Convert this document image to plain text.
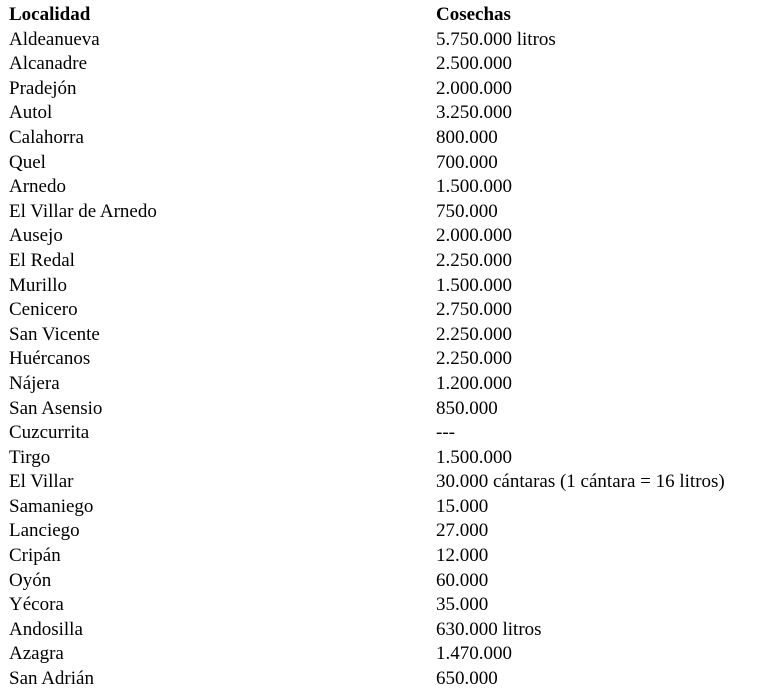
Localidad	Cosechas
Aldeanueva	5.750.000 litros
Alcanadre	2.500.000
Pradejón	2.000.000
Autol	3.250.000
Calahorra	800.000
Quel	700.000
Arnedo	1.500.000
El Villar de Arnedo	750.000
Ausejo	2.000.000
El Redal	2.250.000
Murillo	1.500.000
Cenicero	2.750.000
San Vicente	2.250.000
Huércanos	2.250.000
Nájera	1.200.000
San Asensio	850.000
Cuzcurrita	---
Tirgo	1.500.000
El Villar	30.000 cántaras (1 cántara = 16 litros)
Samaniego	15.000
Lanciego	27.000
Cripán	12.000
Oyón	60.000
Yécora	35.000
Andosilla	630.000 litros
Azagra	1.470.000
San Adrián	650.000
